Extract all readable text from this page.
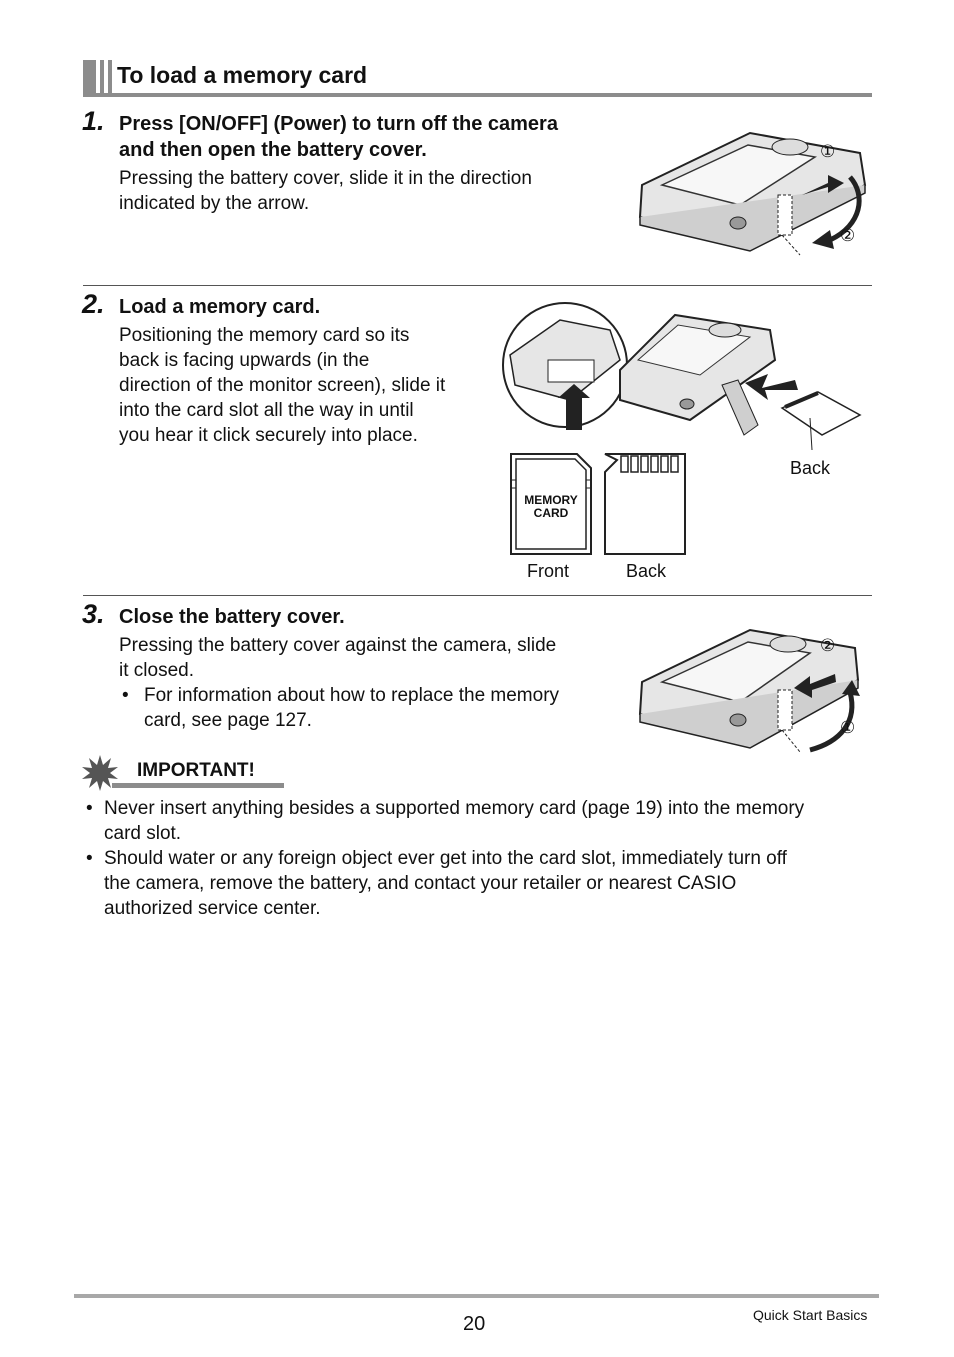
To load a memory card
1. Press [ON/OFF] (Power) to turn off the camera
and then open the battery cover.
Pressing the battery cover, slide it in the direction
indicated by the arrow.
①
②
2. Load a memory card.
Positioning the memory card so its
back is facing upwards (in the
direction of the monitor screen), slide it
into the card slot all the way in until
you hear it click securely into place.
Back
MEMORY
CARD
Front	Back
3. Close the battery cover.
Pressing the battery cover against the camera, slide
it closed.
• For information about how to replace the memory
card, see page 127.
②
①
IMPORTANT!
• Never insert anything besides a supported memory card (page 19) into the memory
card slot.
• Should water or any foreign object ever get into the card slot, immediately turn off
the camera, remove the battery, and contact your retailer or nearest CASIO
authorized service center.
20	Quick Start Basics
